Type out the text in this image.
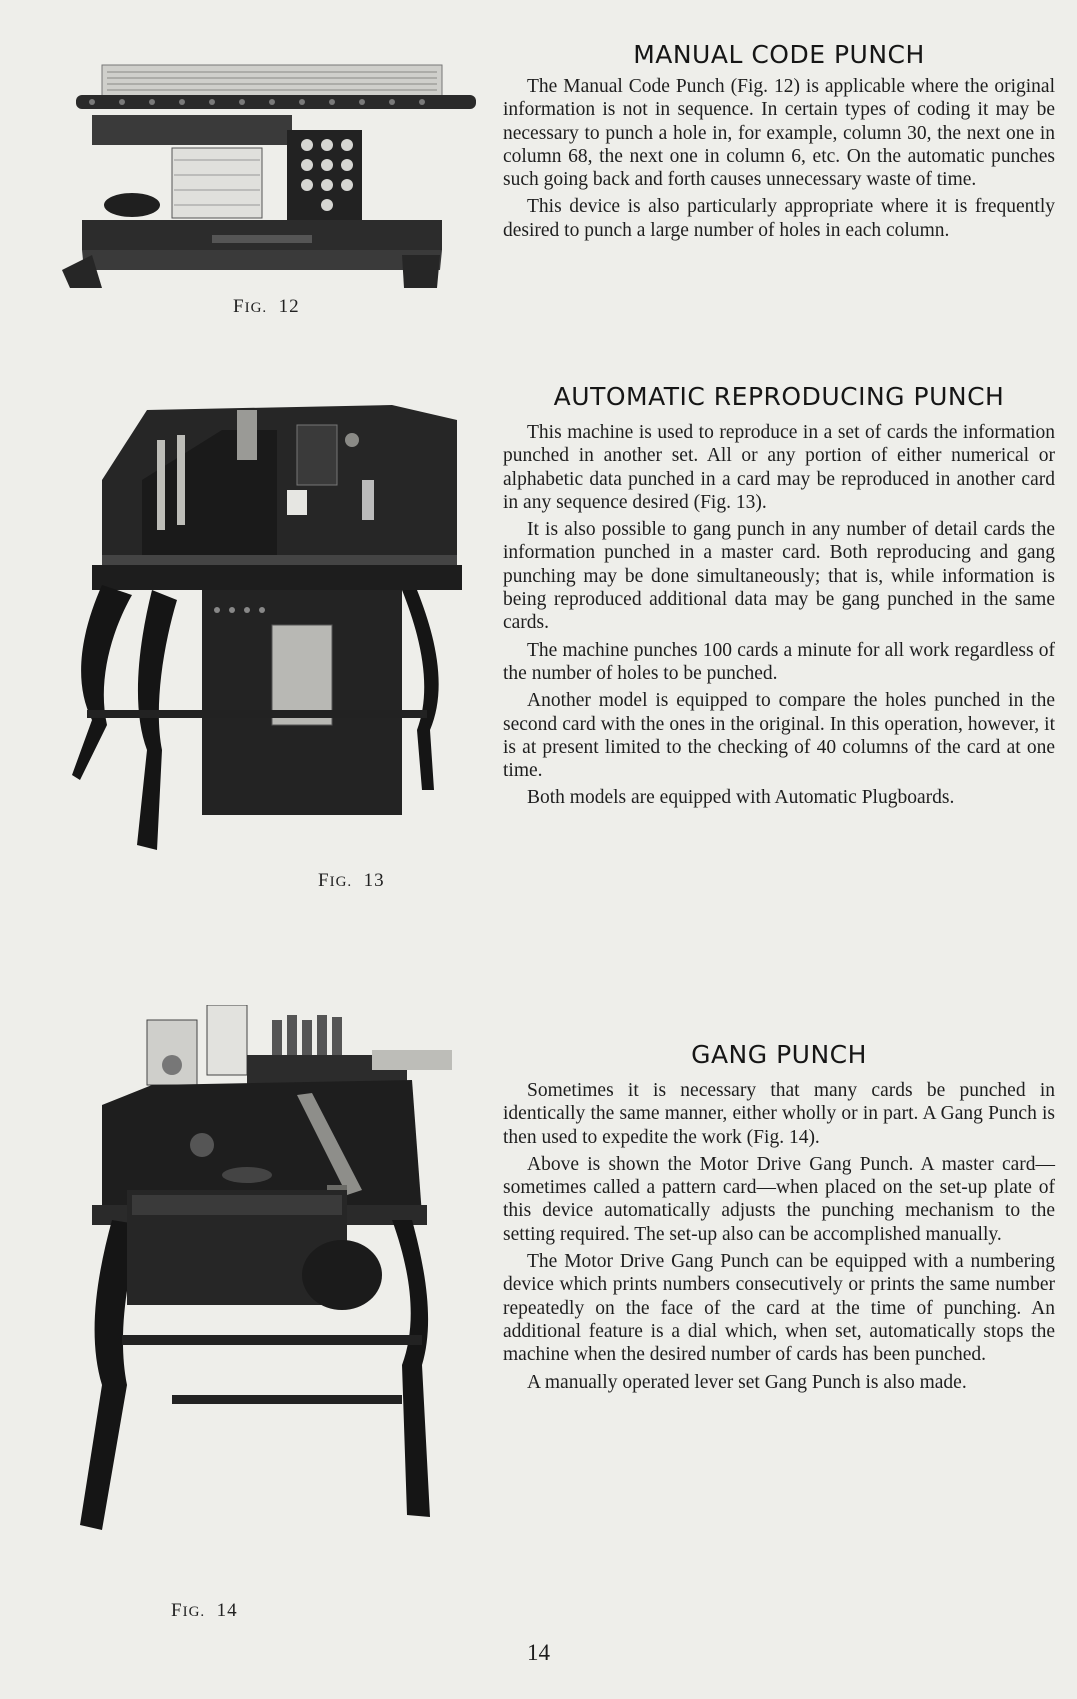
FIG. 12
FIG. 13
FIG. 14
MANUAL CODE PUNCH

The Manual Code Punch (Fig. 12) is applicable where the original information is not in sequence. In certain types of coding it may be necessary to punch a hole in, for example, column 30, the next one in column 68, the next one in column 6, etc. On the automatic punches such going back and forth causes unnecessary waste of time.

This device is also particularly appropriate where it is frequently desired to punch a large number of holes in each column.

AUTOMATIC REPRODUCING PUNCH

This machine is used to reproduce in a set of cards the information punched in another set. All or any portion of either numerical or alphabetic data punched in a card may be reproduced in another card in any sequence desired (Fig. 13).

It is also possible to gang punch in any number of detail cards the information punched in a master card. Both reproducing and gang punching may be done simultaneously; that is, while information is being reproduced additional data may be gang punched in the same cards.

The machine punches 100 cards a minute for all work regardless of the number of holes to be punched.

Another model is equipped to compare the holes punched in the second card with the ones in the original. In this operation, however, it is at present limited to the checking of 40 columns of the card at one time.

Both models are equipped with Automatic Plugboards.

GANG PUNCH

Sometimes it is necessary that many cards be punched in identically the same manner, either wholly or in part. A Gang Punch is then used to expedite the work (Fig. 14).

Above is shown the Motor Drive Gang Punch. A master card—sometimes called a pattern card—when placed on the set-up plate of this device automatically adjusts the punching mechanism to the setting required. The set-up also can be accomplished manually.

The Motor Drive Gang Punch can be equipped with a numbering device which prints numbers consecutively or prints the same number repeatedly on the face of the card at the time of punching. An additional feature is a dial which, when set, automatically stops the machine when the desired number of cards has been punched.

A manually operated lever set Gang Punch is also made.

14
